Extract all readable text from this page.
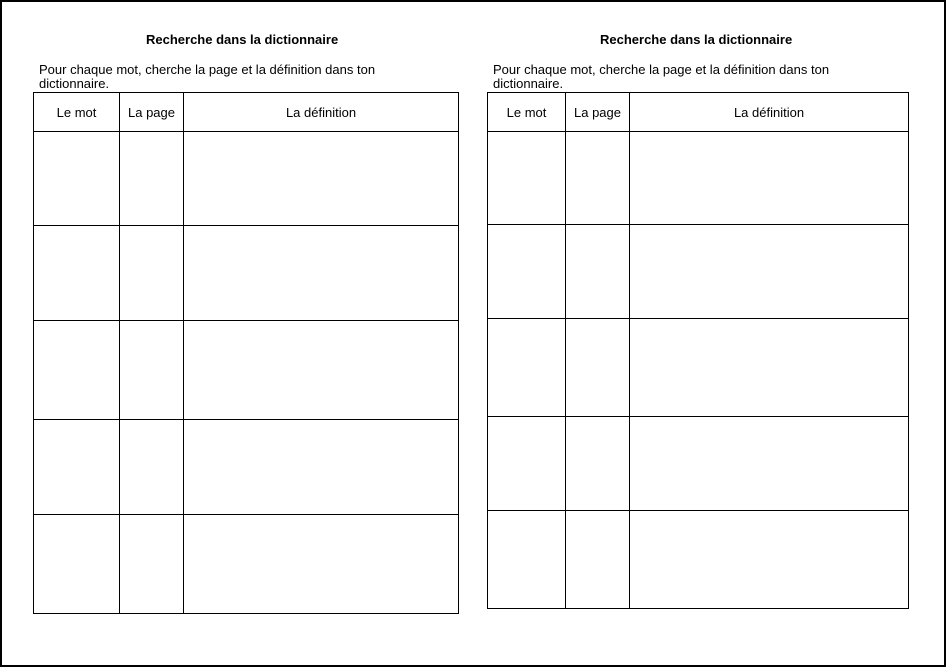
Recherche dans la dictionnaire
Pour chaque mot, cherche la page et la définition dans ton dictionnaire.
Le mot	La page	La définition

Recherche dans la dictionnaire
Pour chaque mot, cherche la page et la définition dans ton dictionnaire.
Le mot	La page	La définition
